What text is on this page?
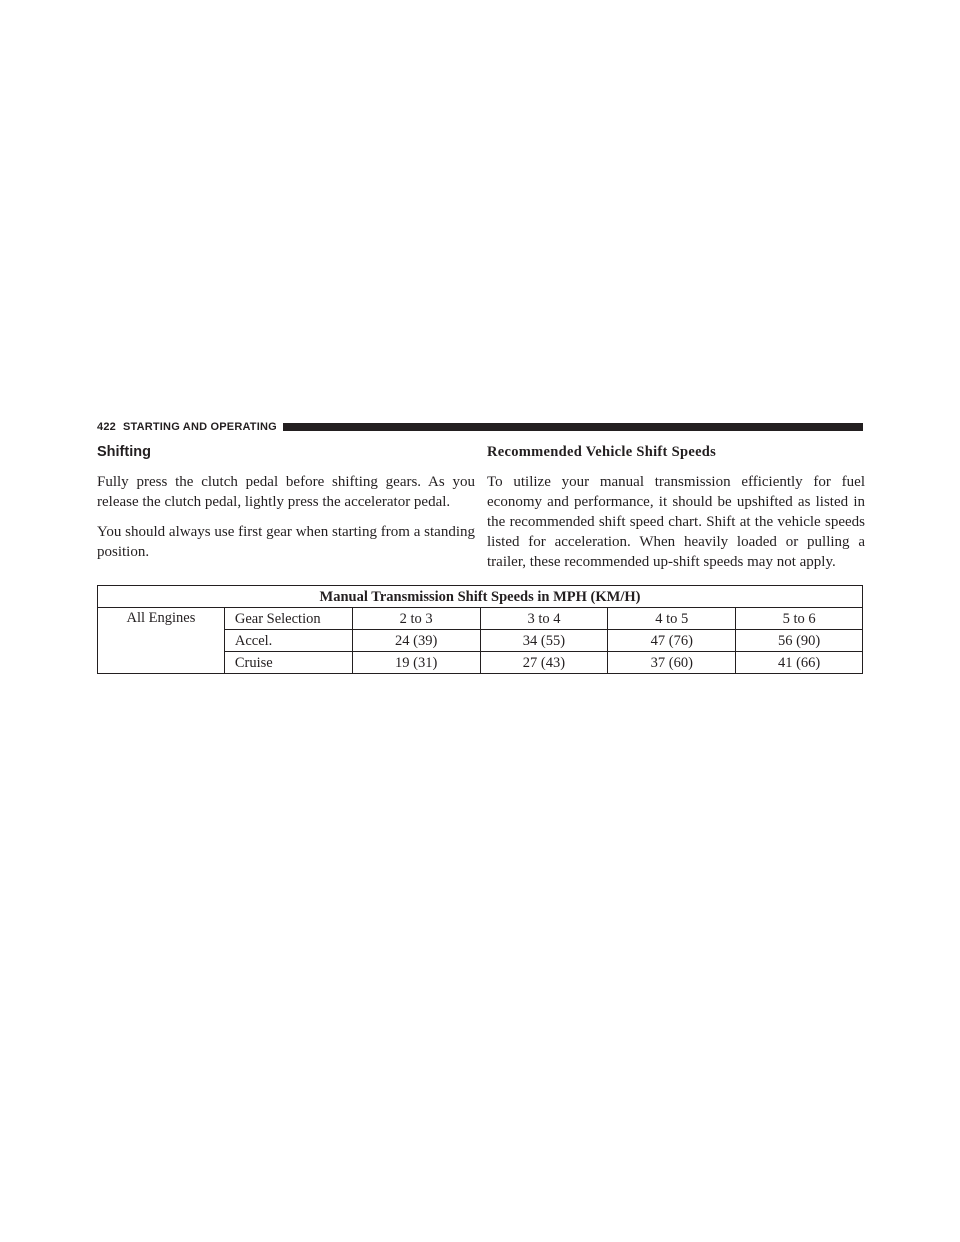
422 STARTING AND OPERATING
Shifting

Fully press the clutch pedal before shifting gears. As you release the clutch pedal, lightly press the accelerator pedal.

You should always use first gear when starting from a standing position.

Recommended Vehicle Shift Speeds

To utilize your manual transmission efficiently for fuel economy and performance, it should be upshifted as listed in the recommended shift speed chart. Shift at the vehicle speeds listed for acceleration. When heavily loaded or pulling a trailer, these recommended up-shift speeds may not apply.

Manual Transmission Shift Speeds in MPH (KM/H)					
All Engines	Gear Selection	2 to 3	3 to 4	4 to 5	5 to 6
	Accel.	24 (39)	34 (55)	47 (76)	56 (90)
	Cruise	19 (31)	27 (43)	37 (60)	41 (66)
